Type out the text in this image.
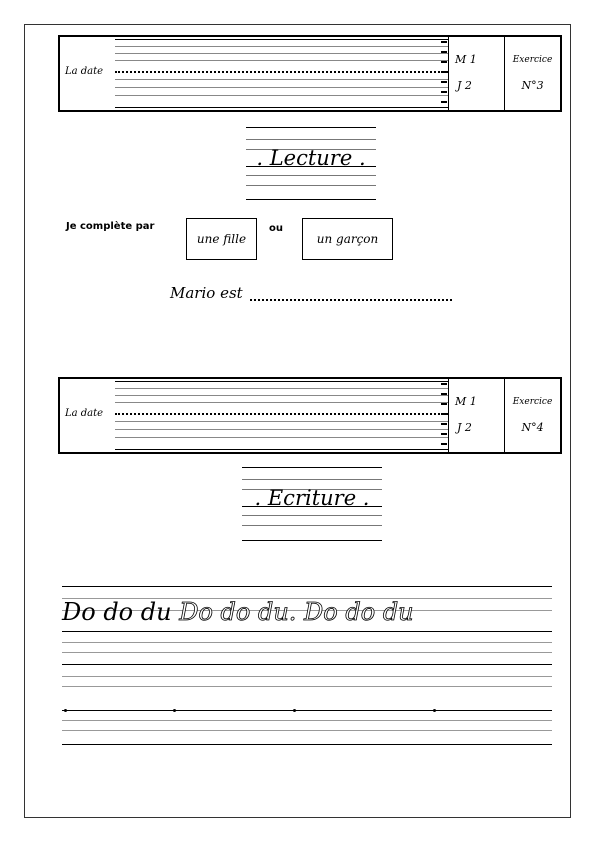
La date
M 1
J 2
Exercice
N°3
. Lecture .
Je complète par
une fille
ou
un garçon
Mario est
La date
M 1
J 2
Exercice
N°4
. Ecriture .
Do do du Do do du. Do do du
